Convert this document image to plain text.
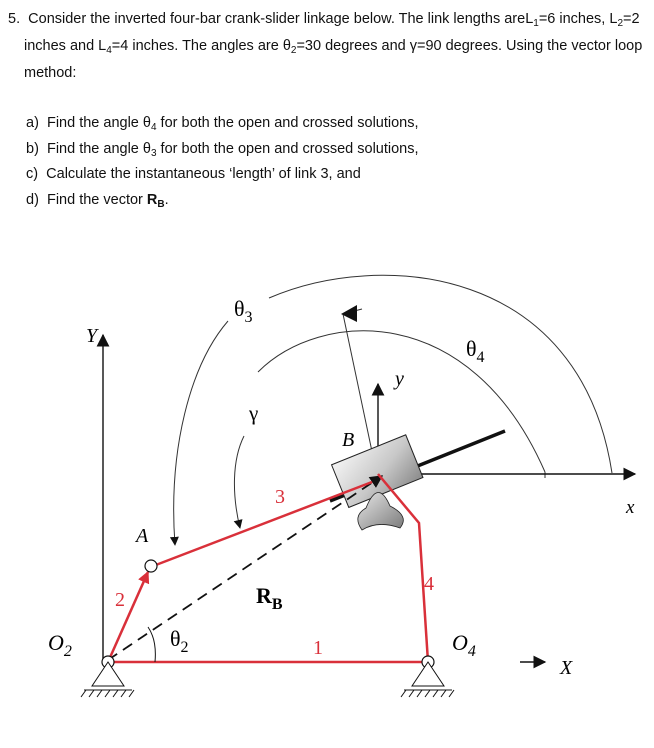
5. Consider the inverted four-bar crank-slider linkage below. The link lengths areL$_1$=6 inches, $L_2=2$ inches and $L_4=4$ inches. The angles are $\theta_2=30$ degrees and γ=90 degrees. Using the vector loop method:

a) Find the angle $\theta_4$ for both the open and crossed solutions,
b) Find the angle $\theta_3$ for both the open and crossed solutions,
c) Calculate the instantaneous ‘length’ of link 3, and
d) Find the vector $R_B$.
Y
x
X
y
$\theta_3$
$\theta_4$
γ
B
A
3
2
4
1
$R_B$
$\theta_2$
$O_2$	$O_4$
